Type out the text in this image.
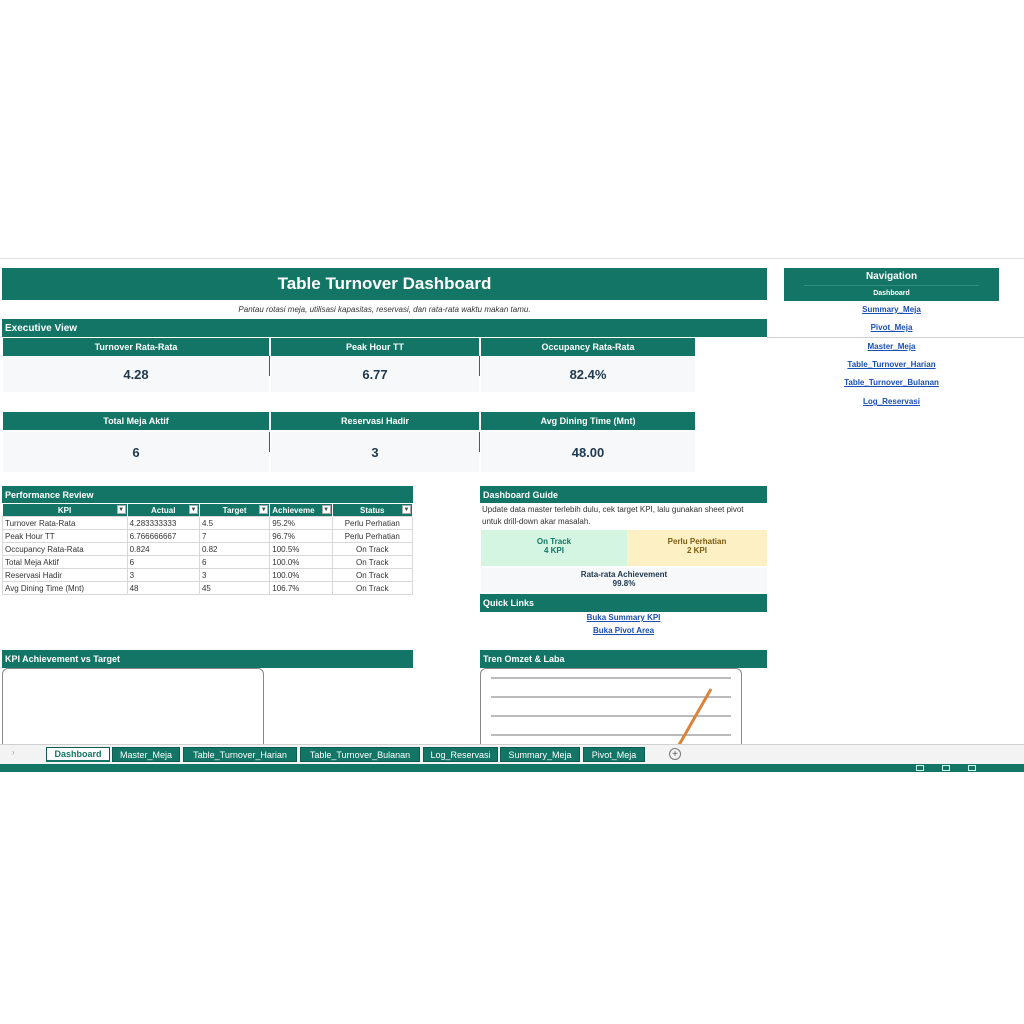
Table Turnover Dashboard
Pantau rotasi meja, utilisasi kapasitas, reservasi, dan rata-rata waktu makan tamu.
Executive View
Turnover Rata-Rata	Peak Hour TT	Occupancy Rata-Rata
4.28	6.77	82.4%
Total Meja Aktif	Reservasi Hadir	Avg Dining Time (Mnt)
6	3	48.00
Navigation
Dashboard
Summary_Meja
Pivot_Meja
Master_Meja
Table_Turnover_Harian
Table_Turnover_Bulanan
Log_Reservasi
Performance Review
KPI ▼	Actual ▼	Target ▼	Achieveme ▼	Status ▼

Turnover Rata-Rata	4.283333333	4.5	95.2%	Perlu Perhatian
Peak Hour TT	6.766666667	7	96.7%	Perlu Perhatian
Occupancy Rata-Rata	0.824	0.82	100.5%	On Track
Total Meja Aktif	6	6	100.0%	On Track
Reservasi Hadir	3	3	100.0%	On Track
Avg Dining Time (Mnt)	48	45	106.7%	On Track
Dashboard Guide
Update data master terlebih dulu, cek target KPI, lalu gunakan sheet pivot untuk drill-down akar masalah.
On Track
4 KPI
Perlu Perhatian
2 KPI
Rata-rata Achievement
99.8%
Quick Links
Buka Summary KPI
Buka Pivot Area
KPI Achievement vs Target	Tren Omzet & Laba
›	Dashboard	Master_Meja	Table_Turnover_Harian	Table_Turnover_Bulanan	Log_Reservasi	Summary_Meja	Pivot_Meja	+
